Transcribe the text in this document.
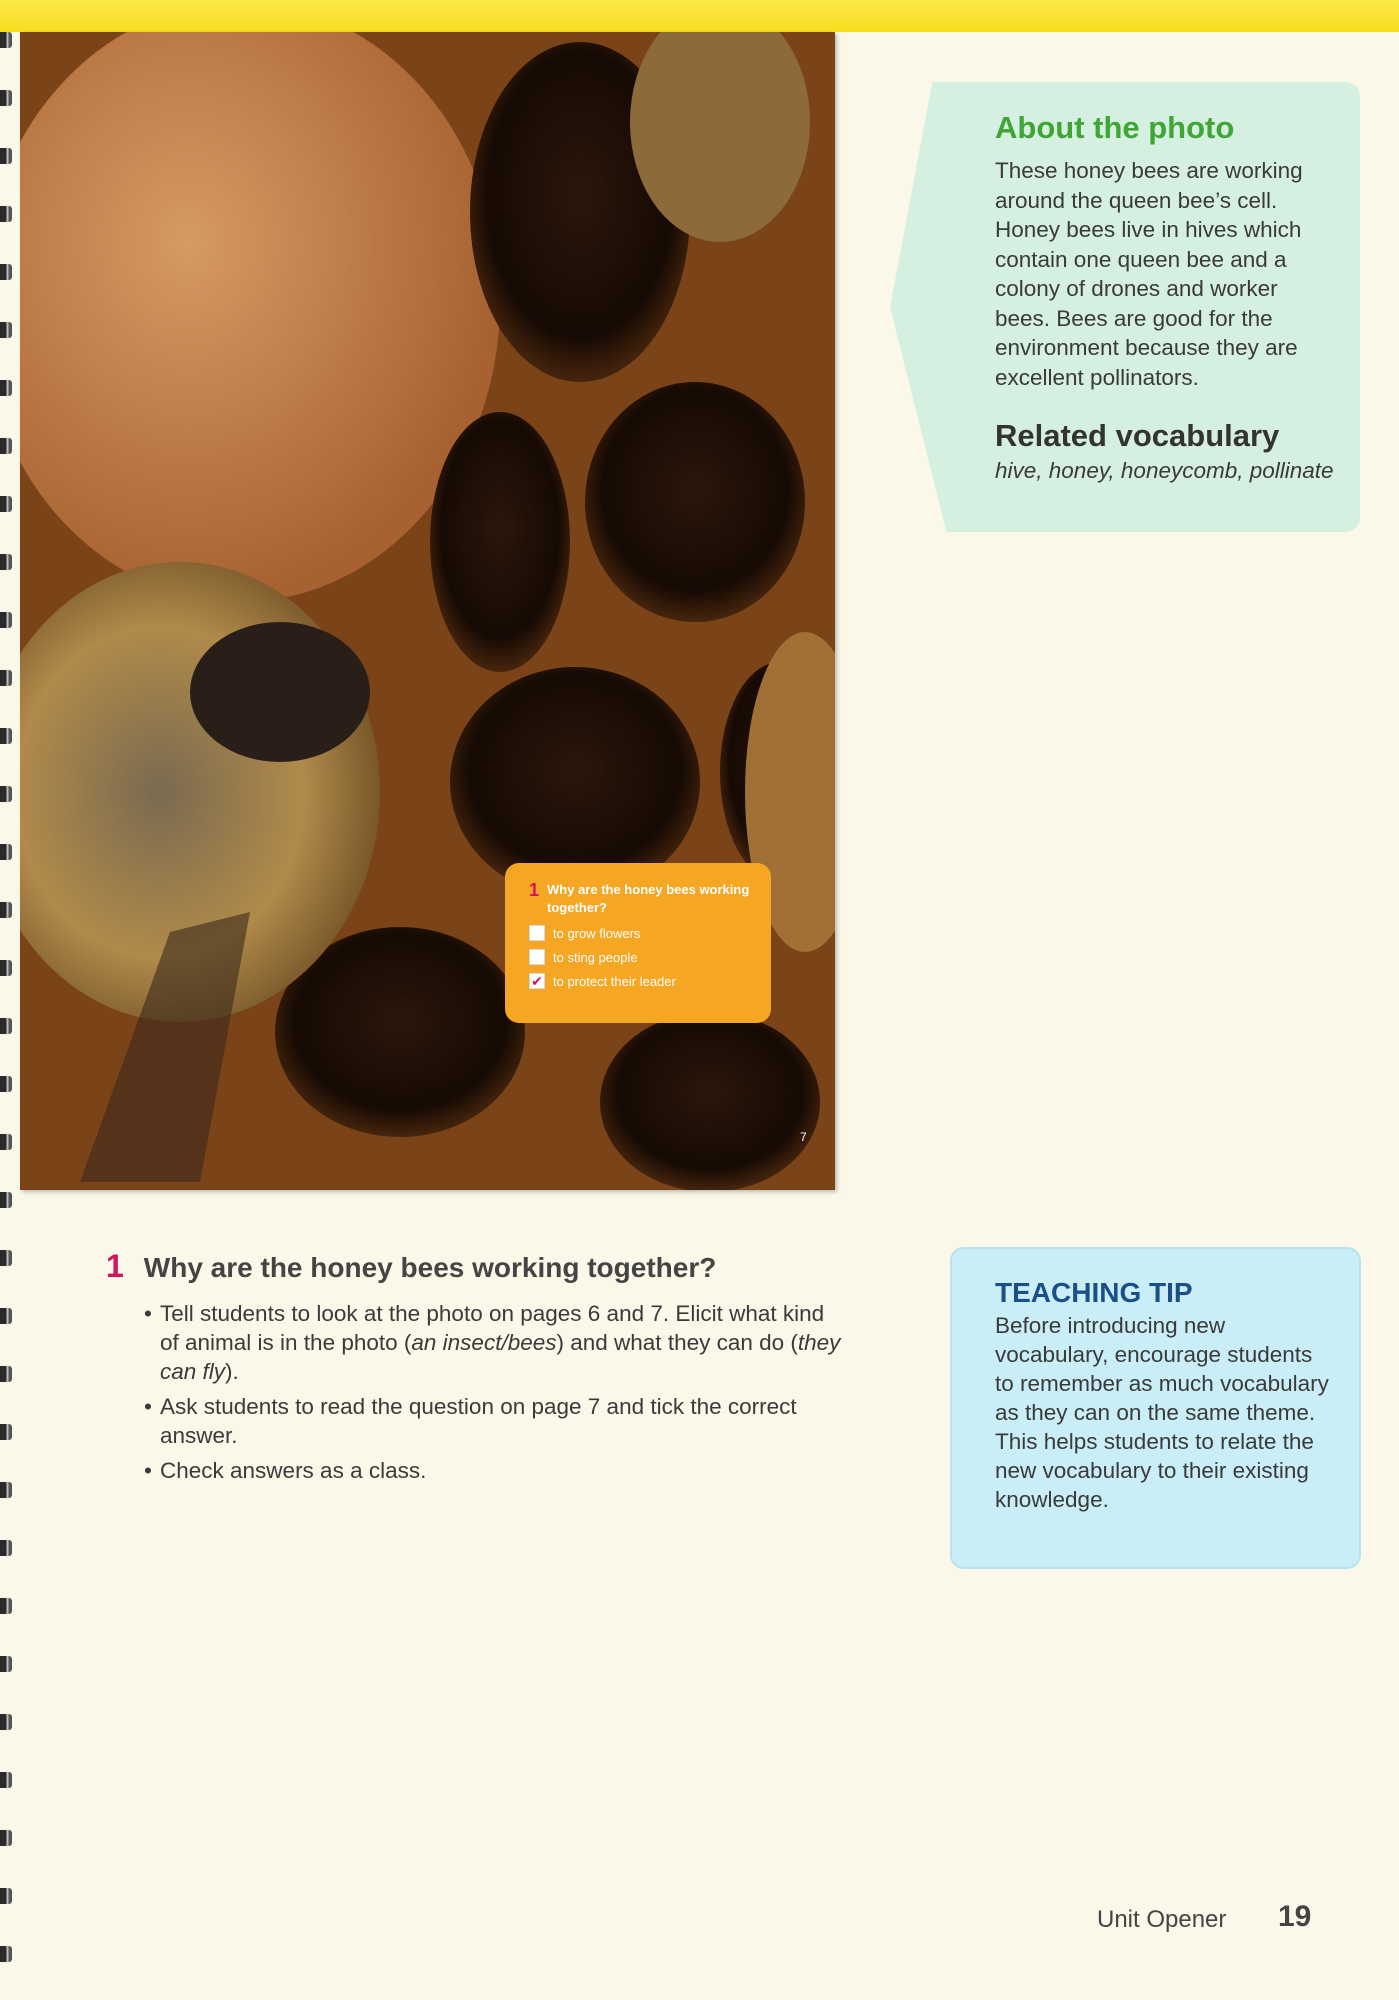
7
1 Why are the honey bees working together?
to grow flowers
to sting people
✔ to protect their leader
About the photo
These honey bees are working around the queen bee’s cell. Honey bees live in hives which contain one queen bee and a colony of drones and worker bees. Bees are good for the environment because they are excellent pollinators.
Related vocabulary
hive, honey, honeycomb, pollinate
1 Why are the honey bees working together?
• Tell students to look at the photo on pages 6 and 7. Elicit what kind of animal is in the photo (an insect/bees) and what they can do (they can fly).
• Ask students to read the question on page 7 and tick the correct answer.
• Check answers as a class.
TEACHING TIP
Before introducing new vocabulary, encourage students to remember as much vocabulary as they can on the same theme. This helps students to relate the new vocabulary to their existing knowledge.
Unit Opener 19
